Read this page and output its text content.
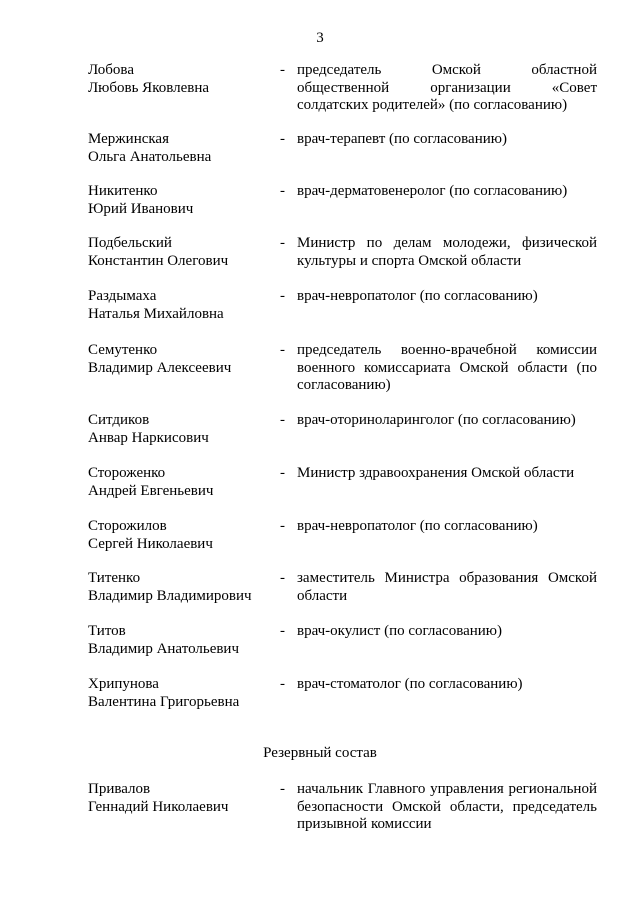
3
Лобова
Любовь Яковлевна
- председатель Омской областной общественной организации «Совет солдатских родителей» (по согласованию)
Мержинская
Ольга Анатольевна
- врач-терапевт (по согласованию)
Никитенко
Юрий Иванович
- врач-дерматовенеролог (по согласованию)
Подбельский
Константин Олегович
- Министр по делам молодежи, физической культуры и спорта Омской области
Раздымаха
Наталья Михайловна
- врач-невропатолог (по согласованию)
Семутенко
Владимир Алексеевич
- председатель военно-врачебной комиссии военного комиссариата Омской области (по согласованию)
Ситдиков
Анвар Наркисович
- врач-оториноларинголог (по согласованию)
Стороженко
Андрей Евгеньевич
- Министр здравоохранения Омской области
Сторожилов
Сергей Николаевич
- врач-невропатолог (по согласованию)
Титенко
Владимир Владимирович
- заместитель Министра образования Омской области
Титов
Владимир Анатольевич
- врач-окулист (по согласованию)
Хрипунова
Валентина Григорьевна
- врач-стоматолог (по согласованию)
Резервный состав
Привалов
Геннадий Николаевич
- начальник Главного управления региональной безопасности Омской области, председатель призывной комиссии
